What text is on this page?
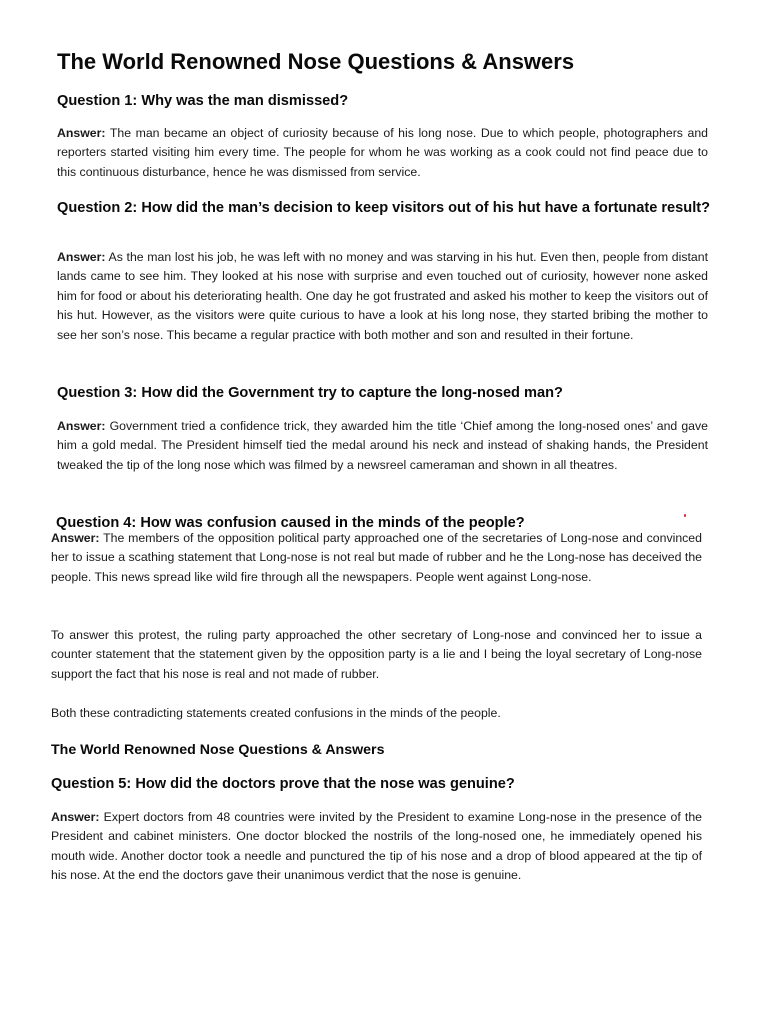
The World Renowned Nose Questions & Answers
Question 1: Why was the man dismissed?

Answer: The man became an object of curiosity because of his long nose. Due to which people, photographers and reporters started visiting him every time. The people for whom he was working as a cook could not find peace due to this continuous disturbance, hence he was dismissed from service.

Question 2: How did the man’s decision to keep visitors out of his hut have a fortunate result?

Answer: As the man lost his job, he was left with no money and was starving in his hut. Even then, people from distant lands came to see him. They looked at his nose with surprise and even touched out of curiosity, however none asked him for food or about his deteriorating health. One day he got frustrated and asked his mother to keep the visitors out of his hut. However, as the visitors were quite curious to have a look at his long nose, they started bribing the mother to see her son’s nose. This became a regular practice with both mother and son and resulted in their fortune.

Question 3: How did the Government try to capture the long-nosed man?

Answer: Government tried a confidence trick, they awarded him the title ‘Chief among the long-nosed ones’ and gave him a gold medal. The President himself tied the medal around his neck and instead of shaking hands, the President tweaked the tip of the long nose which was filmed by a newsreel cameraman and shown in all theatres.

Question 4: How was confusion caused in the minds of the people?

Answer: The members of the opposition political party approached one of the secretaries of Long-nose and convinced her to issue a scathing statement that Long-nose is not real but made of rubber and he the Long-nose has deceived the people. This news spread like wild fire through all the newspapers. People went against Long-nose.

To answer this protest, the ruling party approached the other secretary of Long-nose and convinced her to issue a counter statement that the statement given by the opposition party is a lie and I being the loyal secretary of Long-nose support the fact that his nose is real and not made of rubber.

Both these contradicting statements created confusions in the minds of the people.

The World Renowned Nose Questions & Answers
Question 5: How did the doctors prove that the nose was genuine?

Answer: Expert doctors from 48 countries were invited by the President to examine Long-nose in the presence of the President and cabinet ministers. One doctor blocked the nostrils of the long-nosed one, he immediately opened his mouth wide. Another doctor took a needle and punctured the tip of his nose and a drop of blood appeared at the tip of his nose. At the end the doctors gave their unanimous verdict that the nose is genuine.
